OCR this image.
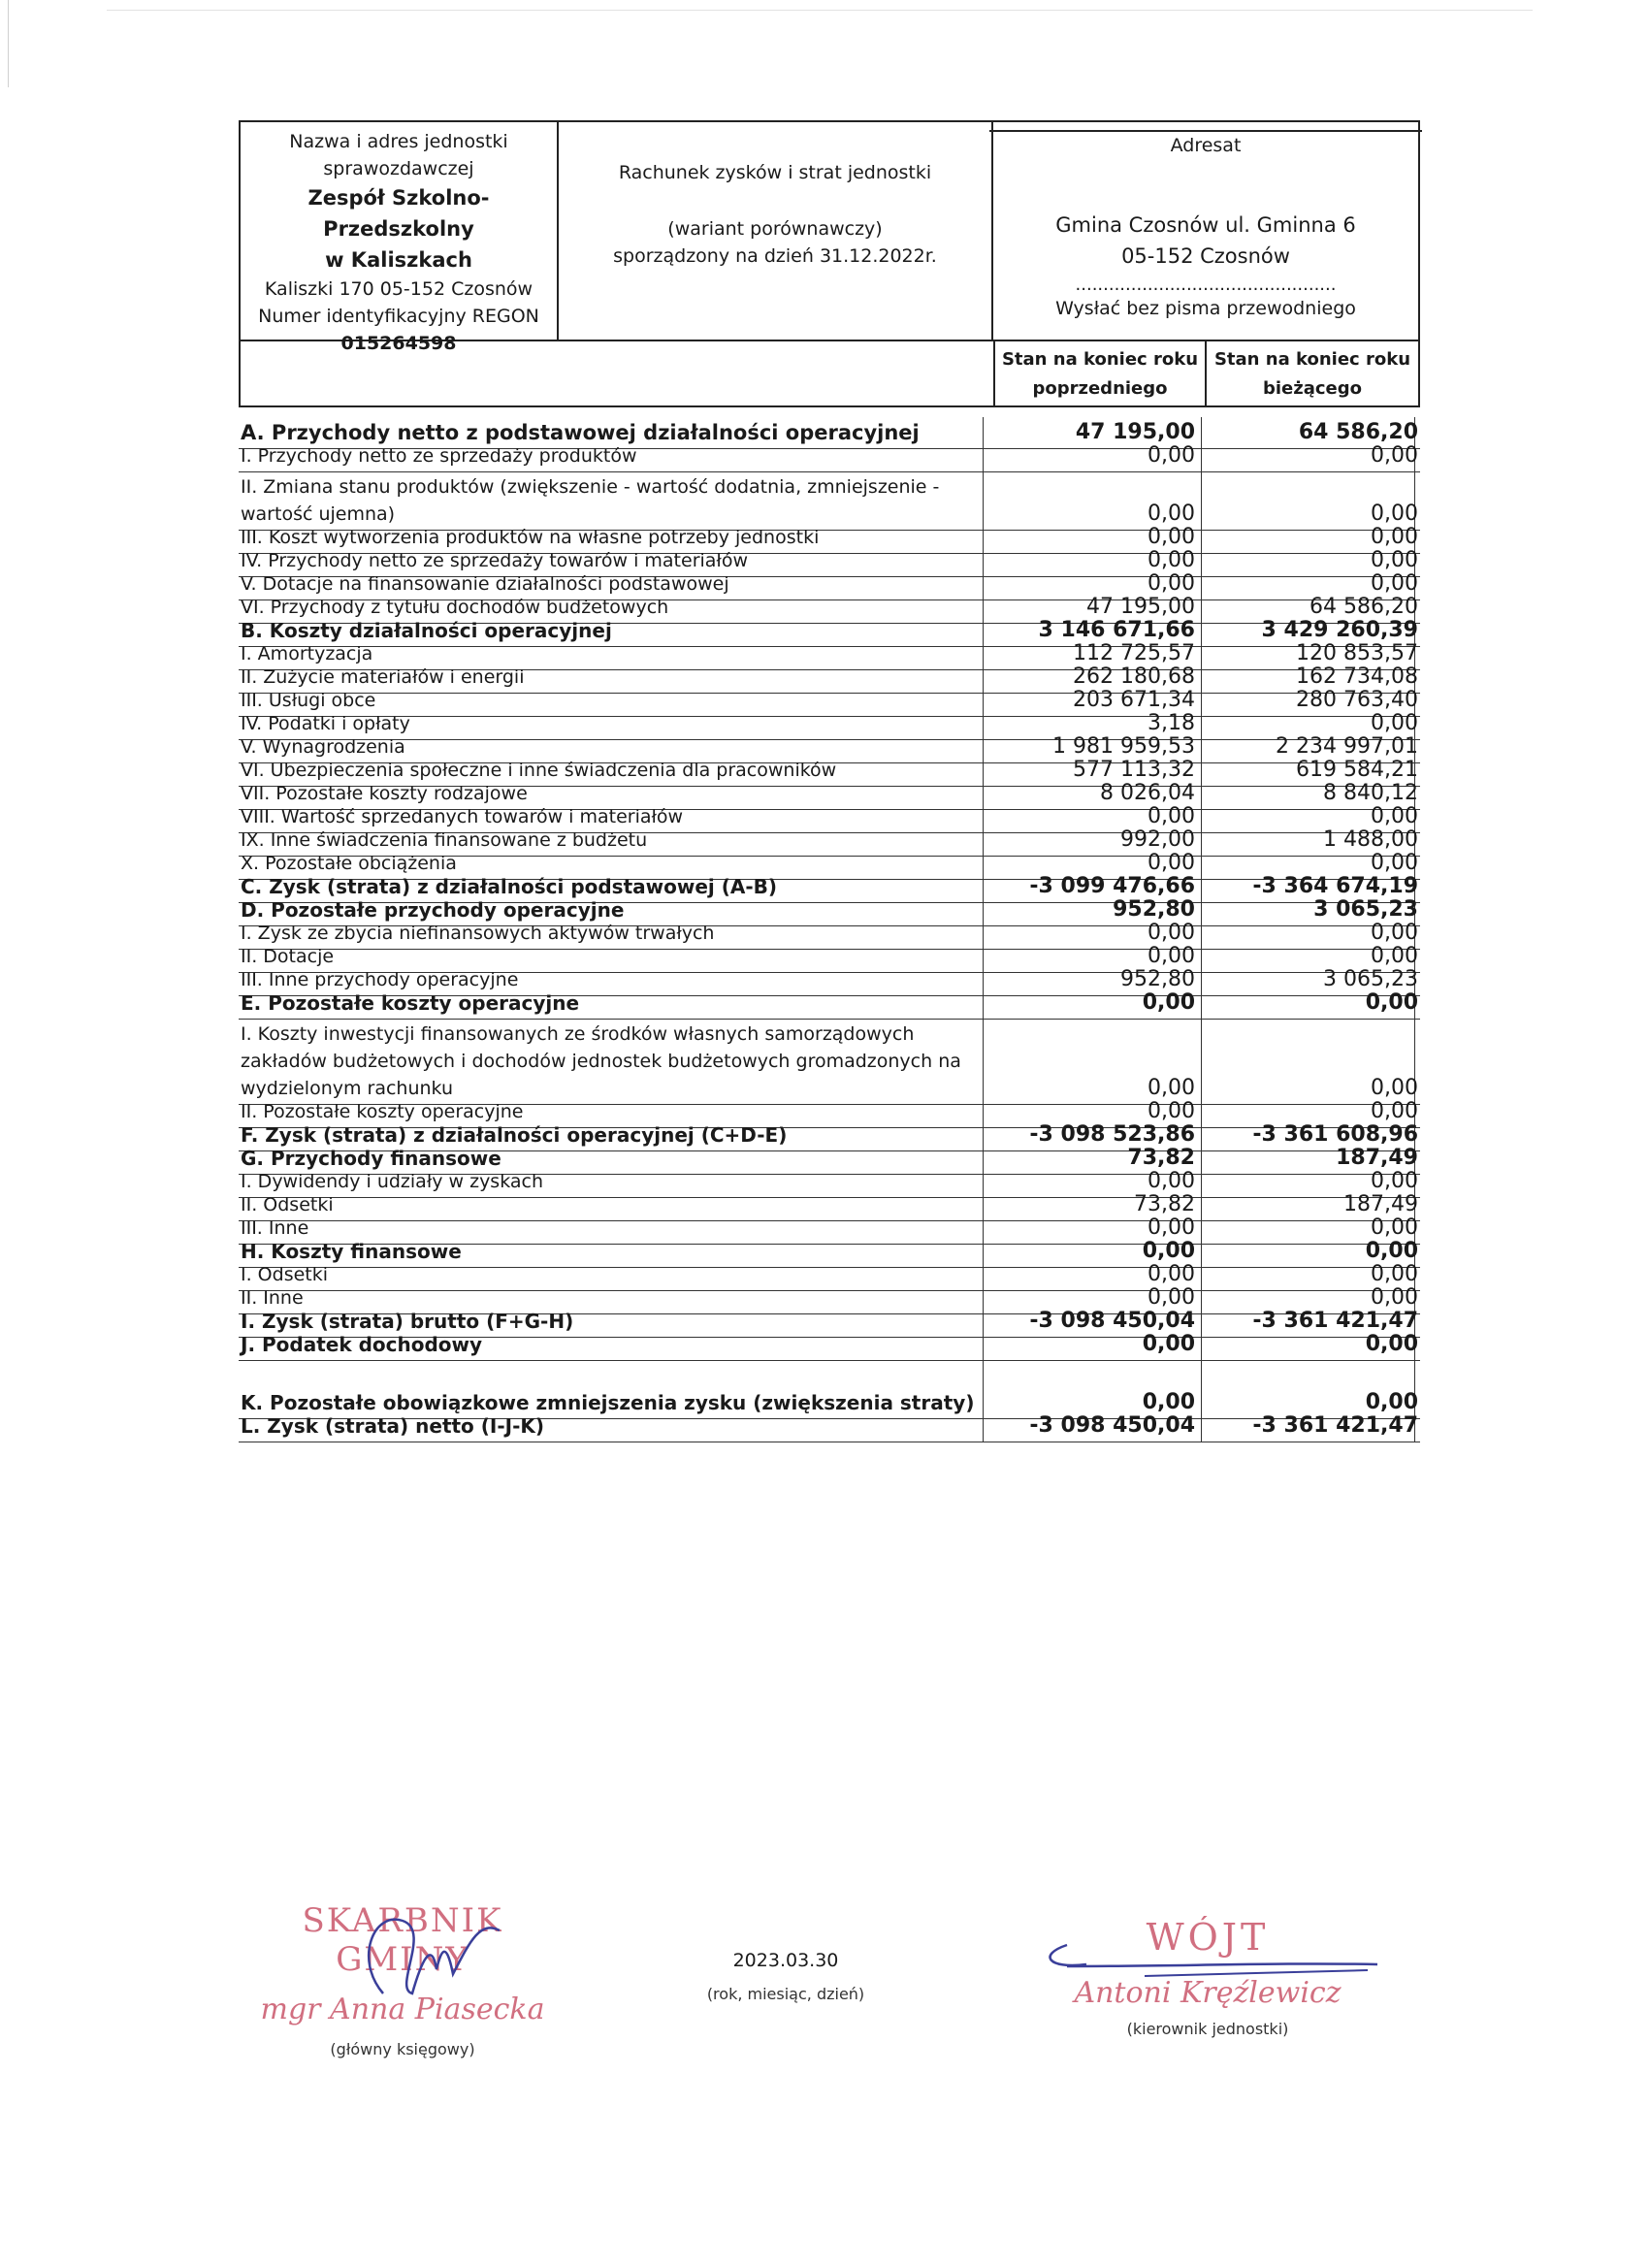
Nazwa i adres jednostki
sprawozdawczej
Zespół Szkolno-Przedszkolny
w Kaliszkach
Kaliszki 170 05-152 Czosnów
Numer identyfikacyjny REGON
015264598
Rachunek zysków i strat jednostki
(wariant porównawczy)
sporządzony na dzień 31.12.2022r.
Adresat
Gmina Czosnów ul. Gminna 6
05-152 Czosnów
...............................................
Wysłać bez pisma przewodniego
Stan na koniec roku
poprzedniego
Stan na koniec roku
bieżącego
A. Przychody netto z podstawowej działalności operacyjnej	47 195,00	64 586,20
I. Przychody netto ze sprzedaży produktów	0,00	0,00
II. Zmiana stanu produktów (zwiększenie - wartość dodatnia, zmniejszenie - wartość ujemna)	0,00	0,00
III. Koszt wytworzenia produktów na własne potrzeby jednostki	0,00	0,00
IV. Przychody netto ze sprzedaży towarów i materiałów	0,00	0,00
V. Dotacje na finansowanie działalności podstawowej	0,00	0,00
VI. Przychody z tytułu dochodów budżetowych	47 195,00	64 586,20
B. Koszty działalności operacyjnej	3 146 671,66	3 429 260,39
I. Amortyzacja	112 725,57	120 853,57
II. Zużycie materiałów i energii	262 180,68	162 734,08
III. Usługi obce	203 671,34	280 763,40
IV. Podatki i opłaty	3,18	0,00
V. Wynagrodzenia	1 981 959,53	2 234 997,01
VI. Ubezpieczenia społeczne i inne świadczenia dla pracowników	577 113,32	619 584,21
VII. Pozostałe koszty rodzajowe	8 026,04	8 840,12
VIII. Wartość sprzedanych towarów i materiałów	0,00	0,00
IX. Inne świadczenia finansowane z budżetu	992,00	1 488,00
X. Pozostałe obciążenia	0,00	0,00
C. Zysk (strata) z działalności podstawowej (A-B)	-3 099 476,66	-3 364 674,19
D. Pozostałe przychody operacyjne	952,80	3 065,23
I. Zysk ze zbycia niefinansowych aktywów trwałych	0,00	0,00
II. Dotacje	0,00	0,00
III. Inne przychody operacyjne	952,80	3 065,23
E. Pozostałe koszty operacyjne	0,00	0,00
I. Koszty inwestycji finansowanych ze środków własnych samorządowych zakładów budżetowych i dochodów jednostek budżetowych gromadzonych na wydzielonym rachunku	0,00	0,00
II. Pozostałe koszty operacyjne	0,00	0,00
F. Zysk (strata) z działalności operacyjnej (C+D-E)	-3 098 523,86	-3 361 608,96
G. Przychody finansowe	73,82	187,49
I. Dywidendy i udziały w zyskach	0,00	0,00
II. Odsetki	73,82	187,49
III. Inne	0,00	0,00
H. Koszty finansowe	0,00	0,00
I. Odsetki	0,00	0,00
II. Inne	0,00	0,00
I. Zysk (strata) brutto (F+G-H)	-3 098 450,04	-3 361 421,47
J. Podatek dochodowy	0,00	0,00
K. Pozostałe obowiązkowe zmniejszenia zysku (zwiększenia straty)	0,00	0,00
L. Zysk (strata) netto (I-J-K)	-3 098 450,04	-3 361 421,47
SKARBNIK GMINY
mgr Anna Piasecka
(główny księgowy)
2023.03.30
(rok, miesiąc, dzień)
WÓJT
Antoni Kręźlewicz
(kierownik jednostki)
